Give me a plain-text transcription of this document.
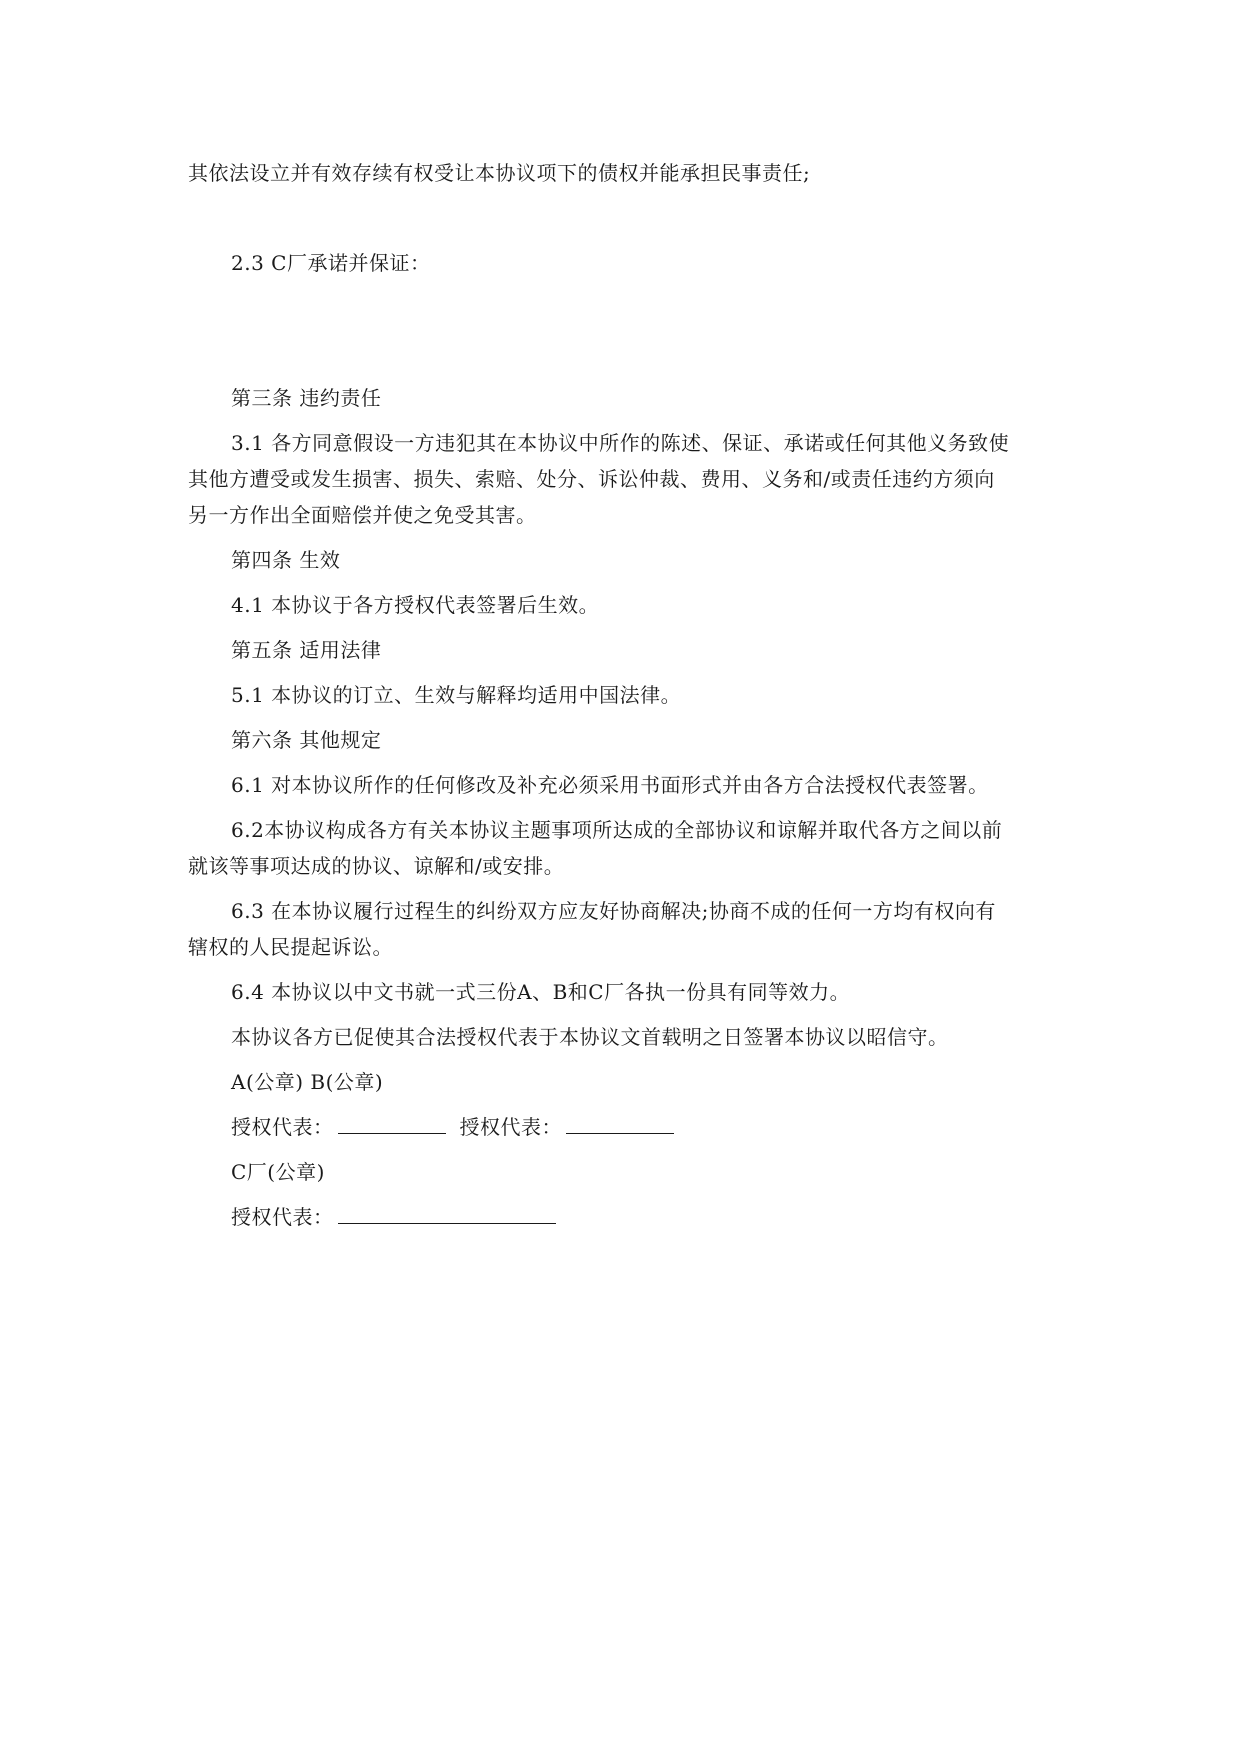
其依法设立并有效存续有权受让本协议项下的债权并能承担民事责任;
2.3 C厂承诺并保证：
第三条 违约责任
3.1 各方同意假设一方违犯其在本协议中所作的陈述、保证、承诺或任何其他义务致使
其他方遭受或发生损害、损失、索赔、处分、诉讼仲裁、费用、义务和/或责任违约方须向
另一方作出全面赔偿并使之免受其害。
第四条 生效
4.1 本协议于各方授权代表签署后生效。
第五条 适用法律
5.1 本协议的订立、生效与解释均适用中国法律。
第六条 其他规定
6.1 对本协议所作的任何修改及补充必须采用书面形式并由各方合法授权代表签署。
6.2本协议构成各方有关本协议主题事项所达成的全部协议和谅解并取代各方之间以前
就该等事项达成的协议、谅解和/或安排。
6.3 在本协议履行过程生的纠纷双方应友好协商解决;协商不成的任何一方均有权向有
辖权的人民提起诉讼。
6.4 本协议以中文书就一式三份A、B和C厂各执一份具有同等效力。
本协议各方已促使其合法授权代表于本协议文首载明之日签署本协议以昭信守。
A(公章) B(公章)
授权代表：	授权代表：
C厂(公章)
授权代表：
